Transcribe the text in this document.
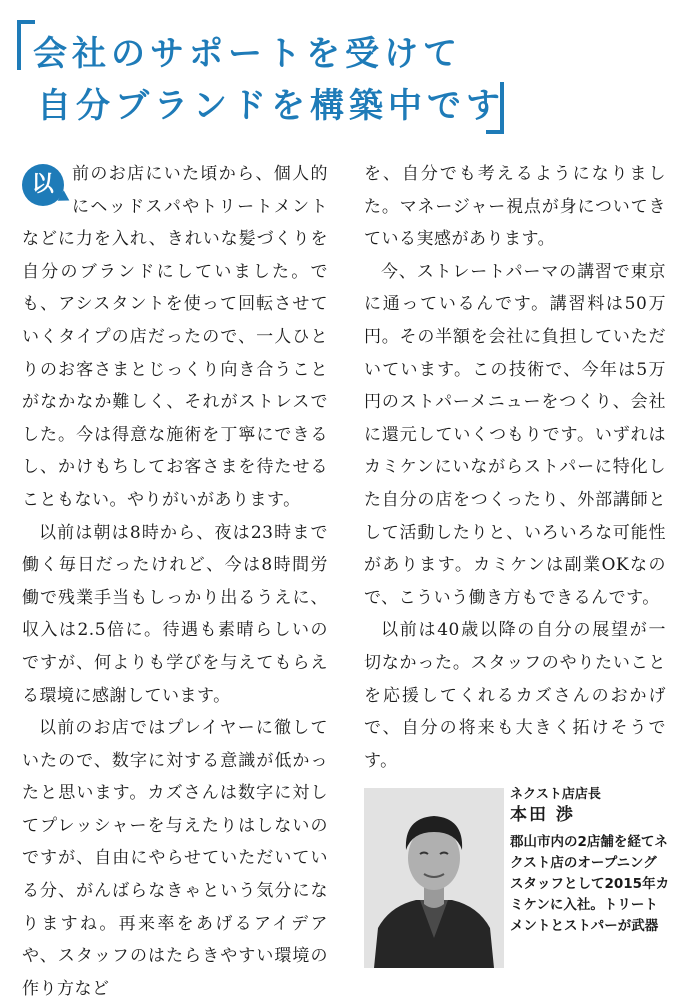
会社のサポートを受けて
自分ブランドを構築中です

以	前のお店にいた頃から、個人的にヘッドスパやトリートメントなどに力を入れ、きれいな髪づくりを自分のブランドにしていました。でも、アシスタントを使って回転させていくタイプの店だったので、一人ひとりのお客さまとじっくり向き合うことがなかなか難しく、それがストレスでした。今は得意な施術を丁寧にできるし、かけもちしてお客さまを待たせることもない。やりがいがあります。

以前は朝は8時から、夜は23時まで働く毎日だったけれど、今は8時間労働で残業手当もしっかり出るうえに、収入は2.5倍に。待遇も素晴らしいのですが、何よりも学びを与えてもらえる環境に感謝しています。

以前のお店ではプレイヤーに徹していたので、数字に対する意識が低かったと思います。カズさんは数字に対してプレッシャーを与えたりはしないのですが、自由にやらせていただいている分、がんばらなきゃという気分になりますね。再来率をあげるアイデアや、スタッフのはたらきやすい環境の作り方など

を、自分でも考えるようになりました。マネージャー視点が身についてきている実感があります。

今、ストレートパーマの講習で東京に通っているんです。講習料は50万円。その半額を会社に負担していただいています。この技術で、今年は5万円のストパーメニューをつくり、会社に還元していくつもりです。いずれはカミケンにいながらストパーに特化した自分の店をつくったり、外部講師として活動したりと、いろいろな可能性があります。カミケンは副業OKなので、こういう働き方もできるんです。

以前は40歳以降の自分の展望が一切なかった。スタッフのやりたいことを応援してくれるカズさんのおかげで、自分の将来も大きく拓けそうです。

ネクスト店店長
本田 渉
郡山市内の2店舗を経てネクスト店のオープニングスタッフとして2015年カミケンに入社。トリートメントとストパーが武器
